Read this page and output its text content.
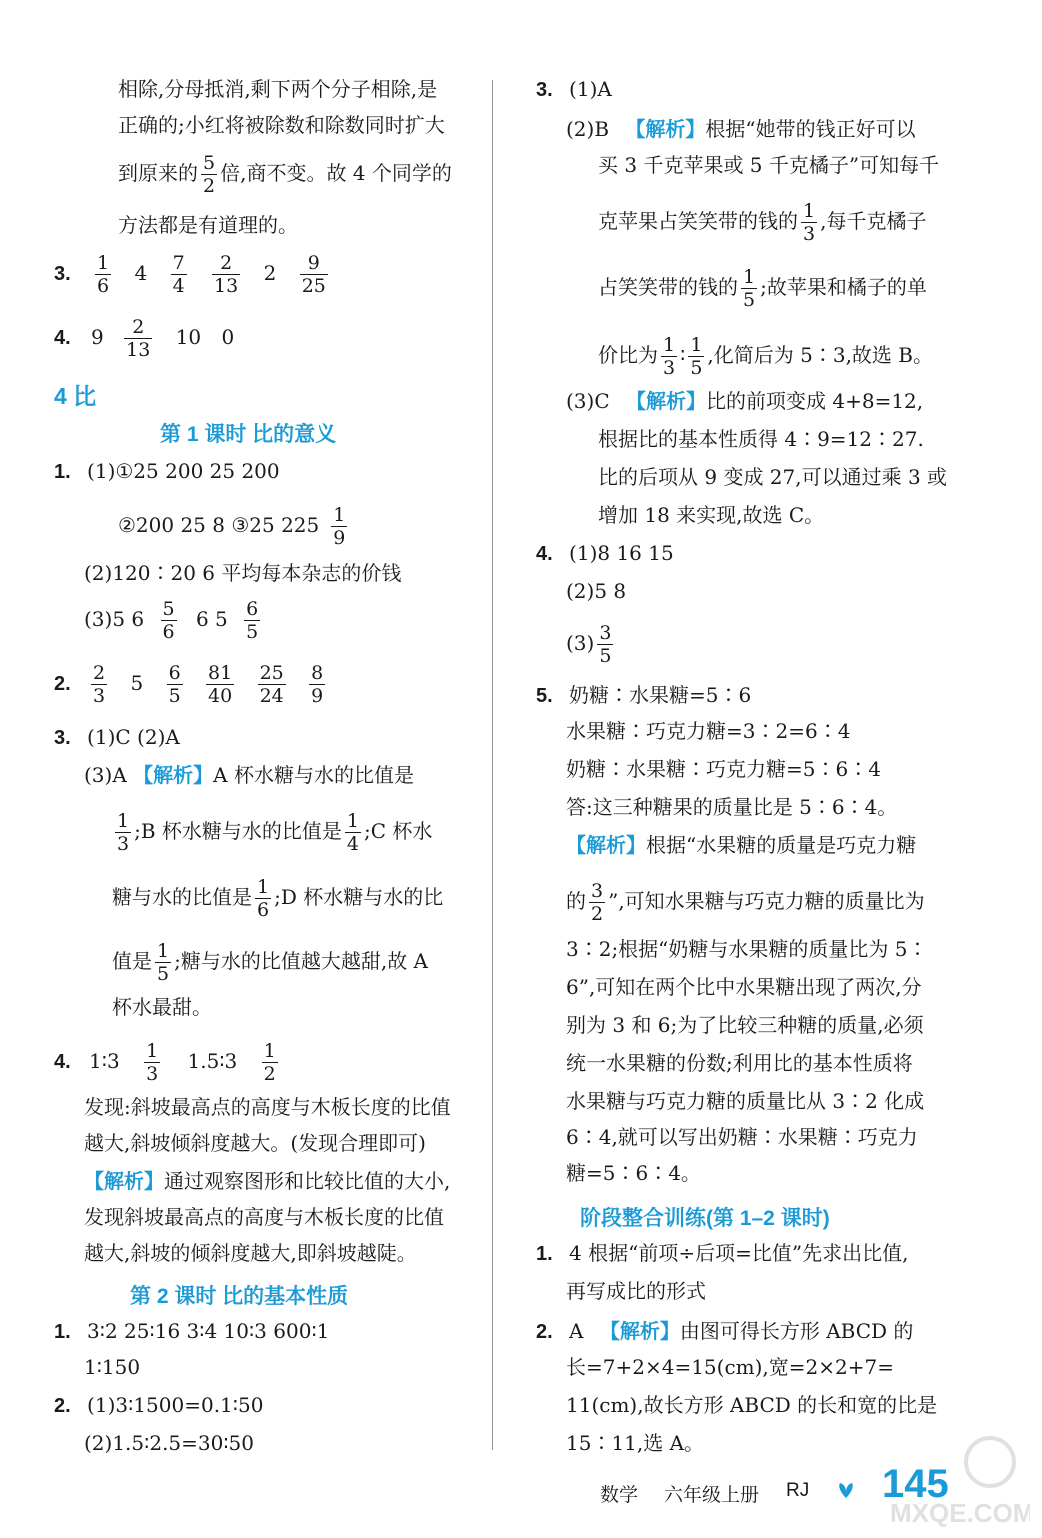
相除,分母抵消,剩下两个分子相除,是
正确的;小红将被除数和除数同时扩大
到原来的 $\frac{5}{2}$ 倍,商不变。故 4 个同学的
方法都是有道理的。
3. $\frac{1}{6} 4 \frac{7}{4}$
$\frac{2}{13} 2 \frac{9}{25}$
4. $9 \frac{2}{13} 10$ 0
4 比
第 1 课时 比的意义
1. (1)①25 200 25 200
②200 25 8 ③25 $225 \frac{1}{9}$
(2)120∶20 6 平均每本杂志的价钱
(3)5 $6 \frac{5}{6} 6$ $5 \frac{6}{5}$
2. $\frac{2}{3} 5 \frac{6}{5}$
$\frac{81}{40}$
$\frac{25}{24}$
$\frac{8}{9}$
3. (1)C (2)A
(3)A 【解析】A 杯水糖与水的比值是
$\frac{1}{3}$ ;B 杯水糖与水的比值是 $\frac{1}{4}$ ;C 杯水
糖与水的比值是 $\frac{1}{6}$ ;D 杯水糖与水的比
值是 $\frac{1}{5}$ ;糖与水的比值越大越甜,故 A
杯水最甜。
4. 1∶3 $\frac{1}{3}$ 1.5∶3 $\frac{1}{2}$
发现:斜坡最高点的高度与木板长度的比值
越大,斜坡倾斜度越大。(发现合理即可)
【解析】通过观察图形和比较比值的大小,
发现斜坡最高点的高度与木板长度的比值
越大,斜坡的倾斜度越大,即斜坡越陡。
第 2 课时 比的基本性质
1. 3∶2 25∶16 3∶4 10∶3 600∶1
1∶150
2. (1)3∶1500=0.1∶50
(2)1.5∶2.5=30∶50
3. (1)A
(2)B 【解析】根据“她带的钱正好可以
买 3 千克苹果或 5 千克橘子”可知每千
克苹果占笑笑带的钱的 $\frac{1}{3}$ ,每千克橘子
占笑笑带的钱的 $\frac{1}{5}$ ;故苹果和橘子的单
价比为 $\frac{1}{3}$ ∶ $\frac{1}{5}$ ,化简后为 5∶3,故选 B。
(3)C 【解析】比的前项变成 4+8=12,
根据比的基本性质得 4∶9=12∶27.
比的后项从 9 变成 27,可以通过乘 3 或
增加 18 来实现,故选 C。
4. (1)8 16 15
(2)5 8
$(3) \frac{3}{5}$
5. 奶糖∶水果糖=5∶6
水果糖∶巧克力糖=3∶2=6∶4
奶糖∶水果糖∶巧克力糖=5∶6∶4
答:这三种糖果的质量比是 5∶6∶4。
【解析】根据“水果糖的质量是巧克力糖
的 $\frac{3}{2}$ ”,可知水果糖与巧克力糖的质量比为
3∶2;根据“奶糖与水果糖的质量比为 5∶
6”,可知在两个比中水果糖出现了两次,分
别为 3 和 6;为了比较三种糖的质量,必须
统一水果糖的份数;利用比的基本性质将
水果糖与巧克力糖的质量比从 3∶2 化成
6∶4,就可以写出奶糖∶水果糖∶巧克力
糖=5∶6∶4。
阶段整合训练(第 1–2 课时)
1. 4 根据“前项÷后项=比值”先求出比值,
再写成比的形式
2. A 【解析】由图可得长方形 ABCD 的
长=7+2×4=15(cm),宽=2×2+7=
11(cm),故长方形 ABCD 的长和宽的比是
15∶11,选 A。
数学 六年级上册 RJ 145
MXQE.COM
